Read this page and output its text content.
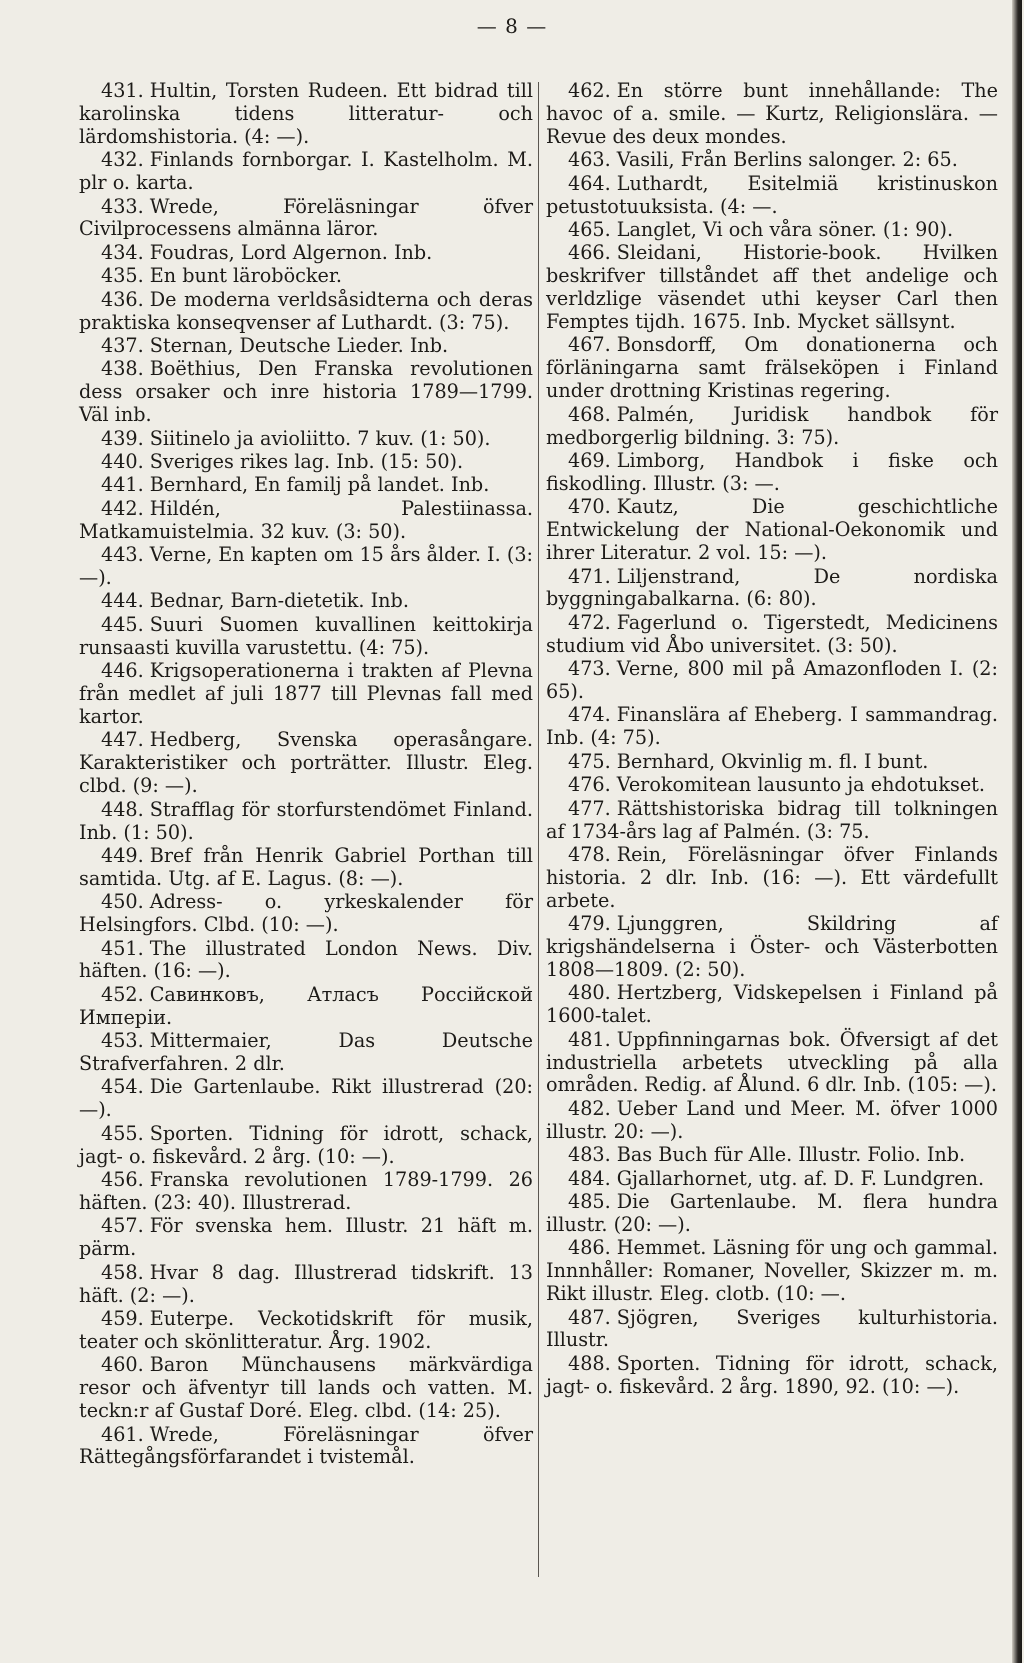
— 8 —

431. Hultin, Torsten Rudeen. Ett bidrad till karolinska tidens litteratur- och lärdomshistoria. (4: —).

432. Finlands fornborgar. I. Kastelholm. M. plr o. karta.

433. Wrede, Föreläsningar öfver Civilprocessens almänna läror.

434. Foudras, Lord Algernon. Inb.

435. En bunt läroböcker.

436. De moderna verldsåsidterna och deras praktiska konseqvenser af Luthardt. (3: 75).

437. Sternan, Deutsche Lieder. Inb.

438. Boëthius, Den Franska revolutionen dess orsaker och inre historia 1789—1799. Väl inb.

439. Siitinelo ja avioliitto. 7 kuv. (1: 50).

440. Sveriges rikes lag. Inb. (15: 50).

441. Bernhard, En familj på landet. Inb.

442. Hildén, Palestiinassa. Matkamuistelmia. 32 kuv. (3: 50).

443. Verne, En kapten om 15 års ålder. I. (3: —).

444. Bednar, Barn-dietetik. Inb.

445. Suuri Suomen kuvallinen keittokirja runsaasti kuvilla varustettu. (4: 75).

446. Krigsoperationerna i trakten af Plevna från medlet af juli 1877 till Plevnas fall med kartor.

447. Hedberg, Svenska operasångare. Karakteristiker och porträtter. Illustr. Eleg. clbd. (9: —).

448. Strafflag för storfurstendömet Finland. Inb. (1: 50).

449. Bref från Henrik Gabriel Porthan till samtida. Utg. af E. Lagus. (8: —).

450. Adress- o. yrkeskalender för Helsingfors. Clbd. (10: —).

451. The illustrated London News. Div. häften. (16: —).

452. Савинковъ, Атласъ Россiйской Имперiи.

453. Mittermaier, Das Deutsche Strafverfahren. 2 dlr.

454. Die Gartenlaube. Rikt illustrerad (20: —).

455. Sporten. Tidning för idrott, schack, jagt- o. fiskevård. 2 årg. (10: —).

456. Franska revolutionen 1789-1799. 26 häften. (23: 40). Illustrerad.

457. För svenska hem. Illustr. 21 häft m. pärm.

458. Hvar 8 dag. Illustrerad tidskrift. 13 häft. (2: —).

459. Euterpe. Veckotidskrift för musik, teater och skönlitteratur. Årg. 1902.

460. Baron Münchausens märkvärdiga resor och äfventyr till lands och vatten. M. teckn:r af Gustaf Doré. Eleg. clbd. (14: 25).

461. Wrede, Föreläsningar öfver Rättegångsförfarandet i tvistemål.

462. En större bunt innehållande: The havoc of a. smile. — Kurtz, Religionslära. — Revue des deux mondes.

463. Vasili, Från Berlins salonger. 2: 65.

464. Luthardt, Esitelmiä kristinuskon petustotuuksista. (4: —.

465. Langlet, Vi och våra söner. (1: 90).

466. Sleidani, Historie-book. Hvilken beskrifver tillståndet aff thet andelige och verldzlige väsendet uthi keyser Carl then Femptes tijdh. 1675. Inb. Mycket sällsynt.

467. Bonsdorff, Om donationerna och förläningarna samt frälseköpen i Finland under drottning Kristinas regering.

468. Palmén, Juridisk handbok för medborgerlig bildning. 3: 75).

469. Limborg, Handbok i fiske och fiskodling. Illustr. (3: —.

470. Kautz, Die geschichtliche Entwickelung der National-Oekonomik und ihrer Literatur. 2 vol. 15: —).

471. Liljenstrand, De nordiska byggningabalkarna. (6: 80).

472. Fagerlund o. Tigerstedt, Medicinens studium vid Åbo universitet. (3: 50).

473. Verne, 800 mil på Amazonfloden I. (2: 65).

474. Finanslära af Eheberg. I sammandrag. Inb. (4: 75).

475. Bernhard, Okvinlig m. fl. I bunt.

476. Verokomitean lausunto ja ehdotukset.

477. Rättshistoriska bidrag till tolkningen af 1734-års lag af Palmén. (3: 75.

478. Rein, Föreläsningar öfver Finlands historia. 2 dlr. Inb. (16: —). Ett värdefullt arbete.

479. Ljunggren, Skildring af krigshändelserna i Öster- och Västerbotten 1808—1809. (2: 50).

480. Hertzberg, Vidskepelsen i Finland på 1600-talet.

481. Uppfinningarnas bok. Öfversigt af det industriella arbetets utveckling på alla områden. Redig. af Ålund. 6 dlr. Inb. (105: —).

482. Ueber Land und Meer. M. öfver 1000 illustr. 20: —).

483. Bas Buch für Alle. Illustr. Folio. Inb.

484. Gjallarhornet, utg. af. D. F. Lundgren.

485. Die Gartenlaube. M. flera hundra illustr. (20: —).

486. Hemmet. Läsning för ung och gammal. Innnhåller: Romaner, Noveller, Skizzer m. m. Rikt illustr. Eleg. clotb. (10: —.

487. Sjögren, Sveriges kulturhistoria. Illustr.

488. Sporten. Tidning för idrott, schack, jagt- o. fiskevård. 2 årg. 1890, 92. (10: —).
